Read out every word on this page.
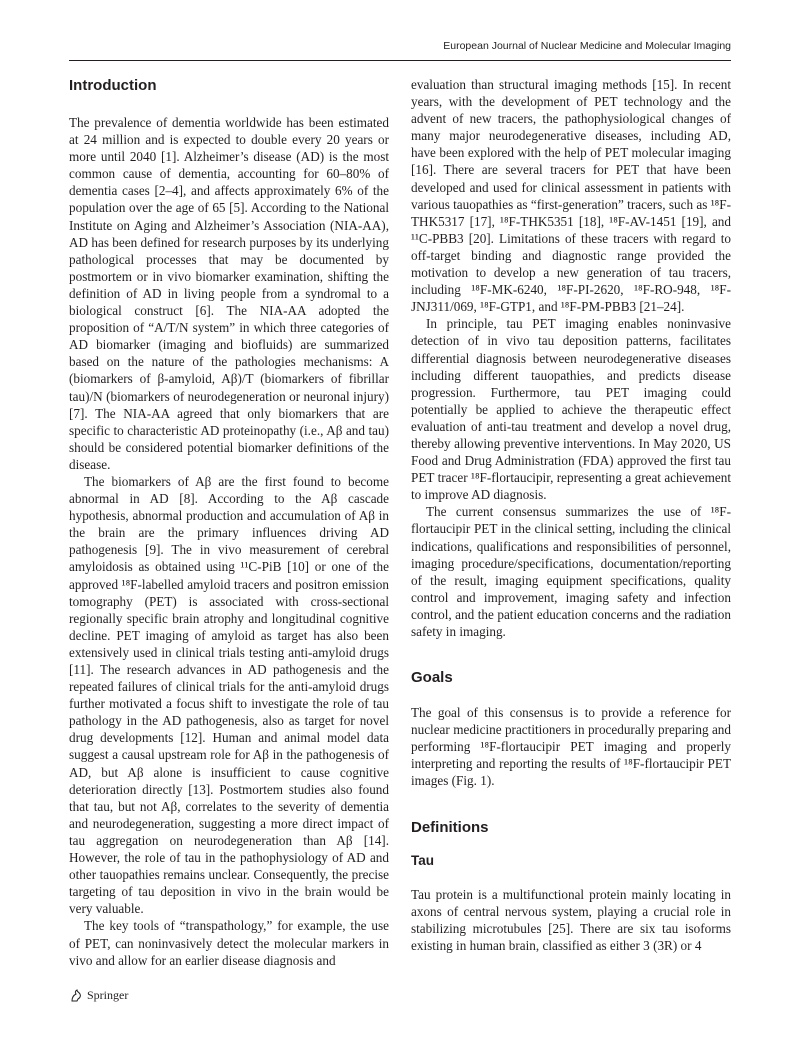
European Journal of Nuclear Medicine and Molecular Imaging
Introduction

The prevalence of dementia worldwide has been estimated at 24 million and is expected to double every 20 years or more until 2040 [1]. Alzheimer’s disease (AD) is the most common cause of dementia, accounting for 60–80% of dementia cases [2–4], and affects approximately 6% of the population over the age of 65 [5]. According to the National Institute on Aging and Alzheimer’s Association (NIA-AA), AD has been defined for research purposes by its underlying pathological processes that may be documented by postmortem or in vivo biomarker examination, shifting the definition of AD in living people from a syndromal to a biological construct [6]. The NIA-AA adopted the proposition of “A/T/N system” in which three categories of AD biomarker (imaging and biofluids) are summarized based on the nature of the pathologies mechanisms: A (biomarkers of β-amyloid, Aβ)/T (biomarkers of fibrillar tau)/N (biomarkers of neurodegeneration or neuronal injury) [7]. The NIA-AA agreed that only biomarkers that are specific to characteristic AD proteinopathy (i.e., Aβ and tau) should be considered potential biomarker definitions of the disease.

The biomarkers of Aβ are the first found to become abnormal in AD [8]. According to the Aβ cascade hypothesis, abnormal production and accumulation of Aβ in the brain are the primary influences driving AD pathogenesis [9]. The in vivo measurement of cerebral amyloidosis as obtained using ¹¹C-PiB [10] or one of the approved ¹⁸F-labelled amyloid tracers and positron emission tomography (PET) is associated with cross-sectional regionally specific brain atrophy and longitudinal cognitive decline. PET imaging of amyloid as target has also been extensively used in clinical trials testing anti-amyloid drugs [11]. The research advances in AD pathogenesis and the repeated failures of clinical trials for the anti-amyloid drugs further motivated a focus shift to investigate the role of tau pathology in the AD pathogenesis, also as target for novel drug developments [12]. Human and animal model data suggest a causal upstream role for Aβ in the pathogenesis of AD, but Aβ alone is insufficient to cause cognitive deterioration directly [13]. Postmortem studies also found that tau, but not Aβ, correlates to the severity of dementia and neurodegeneration, suggesting a more direct impact of tau aggregation on neurodegeneration than Aβ [14]. However, the role of tau in the pathophysiology of AD and other tauopathies remains unclear. Consequently, the precise targeting of tau deposition in vivo in the brain would be very valuable.

The key tools of “transpathology,” for example, the use of PET, can noninvasively detect the molecular markers in vivo and allow for an earlier disease diagnosis and

evaluation than structural imaging methods [15]. In recent years, with the development of PET technology and the advent of new tracers, the pathophysiological changes of many major neurodegenerative diseases, including AD, have been explored with the help of PET molecular imaging [16]. There are several tracers for PET that have been developed and used for clinical assessment in patients with various tauopathies as “first-generation” tracers, such as ¹⁸F-THK5317 [17], ¹⁸F-THK5351 [18], ¹⁸F-AV-1451 [19], and ¹¹C-PBB3 [20]. Limitations of these tracers with regard to off-target binding and diagnostic range provided the motivation to develop a new generation of tau tracers, including ¹⁸F-MK-6240, ¹⁸F-PI-2620, ¹⁸F-RO-948, ¹⁸F-JNJ311/069, ¹⁸F-GTP1, and ¹⁸F-PM-PBB3 [21–24].

In principle, tau PET imaging enables noninvasive detection of in vivo tau deposition patterns, facilitates differential diagnosis between neurodegenerative diseases including different tauopathies, and predicts disease progression. Furthermore, tau PET imaging could potentially be applied to achieve the therapeutic effect evaluation of anti-tau treatment and develop a novel drug, thereby allowing preventive interventions. In May 2020, US Food and Drug Administration (FDA) approved the first tau PET tracer ¹⁸F-flortaucipir, representing a great achievement to improve AD diagnosis.

The current consensus summarizes the use of ¹⁸F-flortaucipir PET in the clinical setting, including the clinical indications, qualifications and responsibilities of personnel, imaging procedure/specifications, documentation/reporting of the result, imaging equipment specifications, quality control and improvement, imaging safety and infection control, and the patient education concerns and the radiation safety in imaging.

Goals

The goal of this consensus is to provide a reference for nuclear medicine practitioners in procedurally preparing and performing ¹⁸F-flortaucipir PET imaging and properly interpreting and reporting the results of ¹⁸F-flortaucipir PET images (Fig. 1).

Definitions
Tau

Tau protein is a multifunctional protein mainly locating in axons of central nervous system, playing a crucial role in stabilizing microtubules [25]. There are six tau isoforms existing in human brain, classified as either 3 (3R) or 4

Springer
